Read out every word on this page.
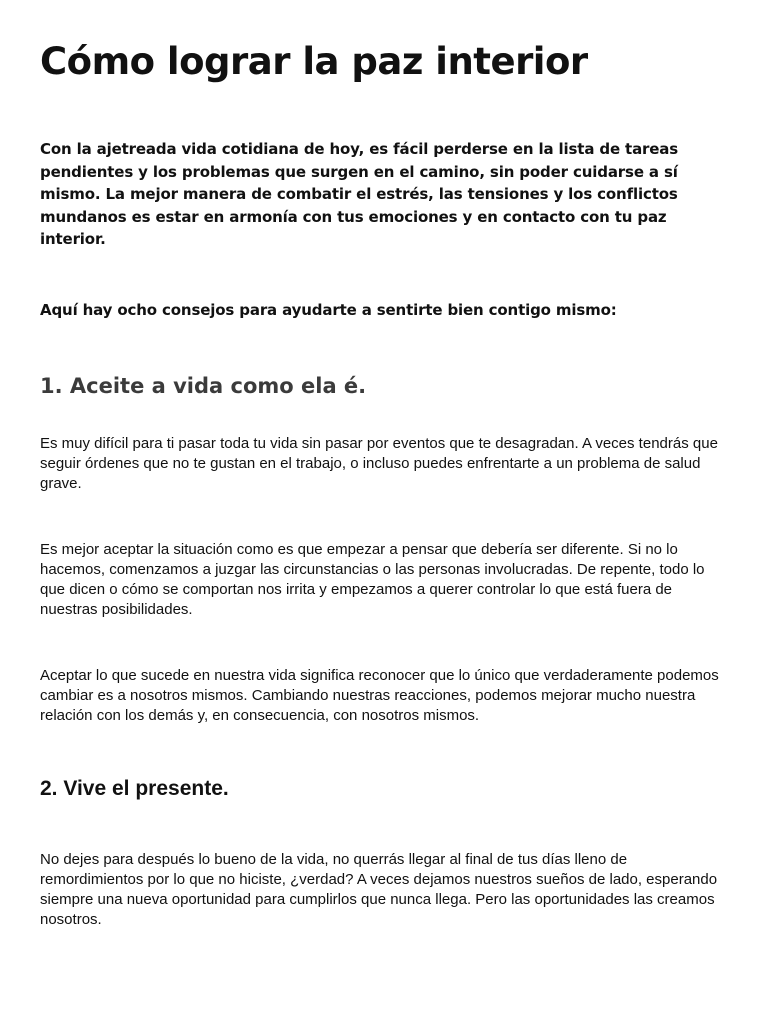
Cómo lograr la paz interior

Con la ajetreada vida cotidiana de hoy, es fácil perderse en la lista de tareas pendientes y los problemas que surgen en el camino, sin poder cuidarse a sí mismo. La mejor manera de combatir el estrés, las tensiones y los conflictos mundanos es estar en armonía con tus emociones y en contacto con tu paz interior.

Aquí hay ocho consejos para ayudarte a sentirte bien contigo mismo:

1. Aceite a vida como ela é.

Es muy difícil para ti pasar toda tu vida sin pasar por eventos que te desagradan. A veces tendrás que seguir órdenes que no te gustan en el trabajo, o incluso puedes enfrentarte a un problema de salud grave.

Es mejor aceptar la situación como es que empezar a pensar que debería ser diferente. Si no lo hacemos, comenzamos a juzgar las circunstancias o las personas involucradas. De repente, todo lo que dicen o cómo se comportan nos irrita y empezamos a querer controlar lo que está fuera de nuestras posibilidades.

Aceptar lo que sucede en nuestra vida significa reconocer que lo único que verdaderamente podemos cambiar es a nosotros mismos. Cambiando nuestras reacciones, podemos mejorar mucho nuestra relación con los demás y, en consecuencia, con nosotros mismos.

2. Vive el presente.

No dejes para después lo bueno de la vida, no querrás llegar al final de tus días lleno de remordimientos por lo que no hiciste, ¿verdad? A veces dejamos nuestros sueños de lado, esperando siempre una nueva oportunidad para cumplirlos que nunca llega. Pero las oportunidades las creamos nosotros.
